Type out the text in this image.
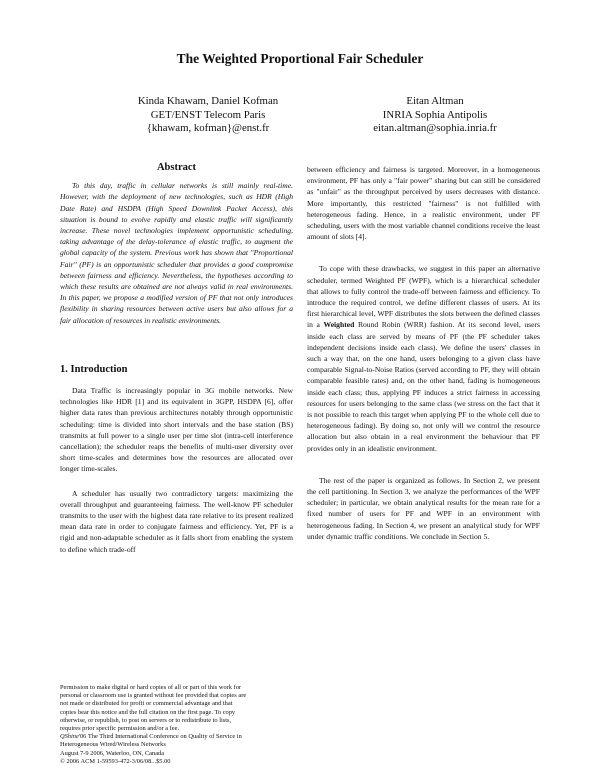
The Weighted Proportional Fair Scheduler
Kinda Khawam, Daniel Kofman
GET/ENST Telecom Paris
{khawam, kofman}@enst.fr
Eitan Altman
INRIA Sophia Antipolis
eitan.altman@sophia.inria.fr
Abstract

To this day, traffic in cellular networks is still mainly real-time. However, with the deployment of new technologies, such as HDR (High Date Rate) and HSDPA (High Speed Downlink Packet Access), this situation is bound to evolve rapidly and elastic traffic will significantly increase. These novel technologies implement opportunistic scheduling, taking advantage of the delay-tolerance of elastic traffic, to augment the global capacity of the system. Previous work has shown that "Proportional Fair" (PF) is an opportunistic scheduler that provides a good compromise between fairness and efficiency. Nevertheless, the hypotheses according to which these results are obtained are not always valid in real environments. In this paper, we propose a modified version of PF that not only introduces flexibility in sharing resources between active users but also allows for a fair allocation of resources in realistic environments.

1. Introduction

Data Traffic is increasingly popular in 3G mobile networks. New technologies like HDR [1] and its equivalent in 3GPP, HSDPA [6], offer higher data rates than previous architectures notably through opportunistic scheduling: time is divided into short intervals and the base station (BS) transmits at full power to a single user per time slot (intra-cell interference cancellation); the scheduler reaps the benefits of multi-user diversity over short time-scales and determines how the resources are allocated over longer time-scales.

A scheduler has usually two contradictory targets: maximizing the overall throughput and guaranteeing fairness. The well-know PF scheduler transmits to the user with the highest data rate relative to its present realized mean data rate in order to conjugate fairness and efficiency. Yet, PF is a rigid and non-adaptable scheduler as it falls short from enabling the system to define which trade-off

between efficiency and fairness is targeted. Moreover, in a homogeneous environment, PF has only a "fair power" sharing but can still be considered as "unfair" as the throughput perceived by users decreases with distance. More importantly, this restricted "fairness" is not fulfilled with heterogeneous fading. Hence, in a realistic environment, under PF scheduling, users with the most variable channel conditions receive the least amount of slots [4].

To cope with these drawbacks, we suggest in this paper an alternative scheduler, termed Weighted PF (WPF), which is a hierarchical scheduler that allows to fully control the trade-off between fairness and efficiency. To introduce the required control, we define different classes of users. At its first hierarchical level, WPF distributes the slots between the defined classes in a Weighted Round Robin (WRR) fashion. At its second level, users inside each class are served by means of PF (the PF scheduler takes independent decisions inside each class). We define the users' classes in such a way that, on the one hand, users belonging to a given class have comparable Signal-to-Noise Ratios (served according to PF, they will obtain comparable feasible rates) and, on the other hand, fading is homogeneous inside each class; thus, applying PF induces a strict fairness in accessing resources for users belonging to the same class (we stress on the fact that it is not possible to reach this target when applying PF to the whole cell due to heterogeneous fading). By doing so, not only will we control the resource allocation but also obtain in a real environment the behaviour that PF provides only in an idealistic environment.

The rest of the paper is organized as follows. In Section 2, we present the cell partitioning. In Section 3, we analyze the performances of the WPF scheduler; in particular, we obtain analytical results for the mean rate for a fixed number of users for PF and WPF in an environment with heterogeneous fading. In Section 4, we present an analytical study for WPF under dynamic traffic conditions. We conclude in Section 5.

Permission to make digital or hard copies of all or part of this work for
personal or classroom use is granted without fee provided that copies are
not made or distributed for profit or commercial advantage and that
copies bear this notice and the full citation on the first page. To copy
otherwise, or republish, to post on servers or to redistribute to lists,
requires prior specific permission and/or a fee.
QShine'06 The Third International Conference on Quality of Service in
Heterogeneous Wired/Wireless Networks
August 7-9 2006, Waterloo, ON, Canada
© 2006 ACM 1-59593-472-3/06/08...$5.00
